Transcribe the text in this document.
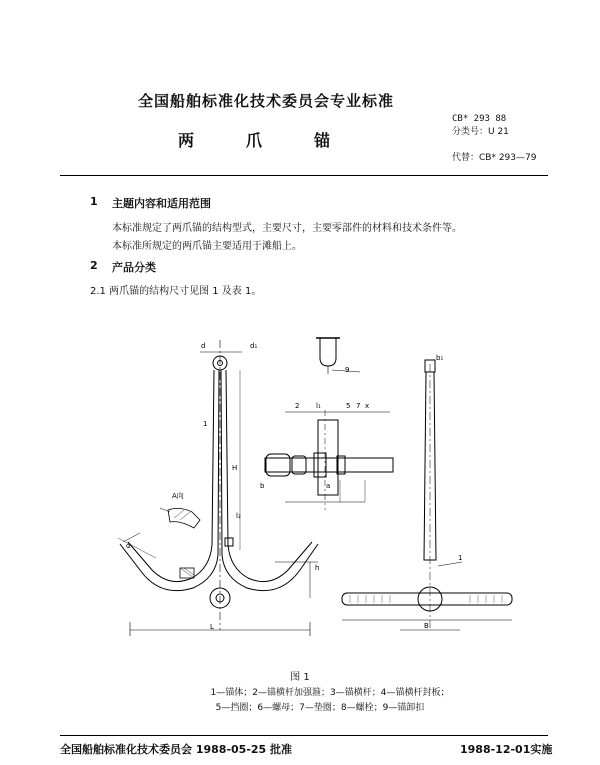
全国船舶标准化技术委员会专业标准
两	爪	锚
CB* 293 88
分类号：U 21
代替：CB* 293—79
1 主题内容和适用范围
本标准规定了两爪锚的结构型式，主要尺寸，主要零部件的材料和技术条件等。
本标准所规定的两爪锚主要适用于滩船上。
2 产品分类
2.1 两爪锚的结构尺寸见图 1 及表 1。
d	d₁
L
H
1
A向
b	a
h
9
l₁	x
2	5 7
b₁
1
B
α
l₂
图 1
1—锚体；2—锚横杆加强箍；3—锚横杆；4—锚横杆封板；
5—挡圈；6—螺母；7—垫圈；8—螺栓；9—锚卸扣
全国船舶标准化技术委员会 1988-05-25 批准	1988-12-01实施
